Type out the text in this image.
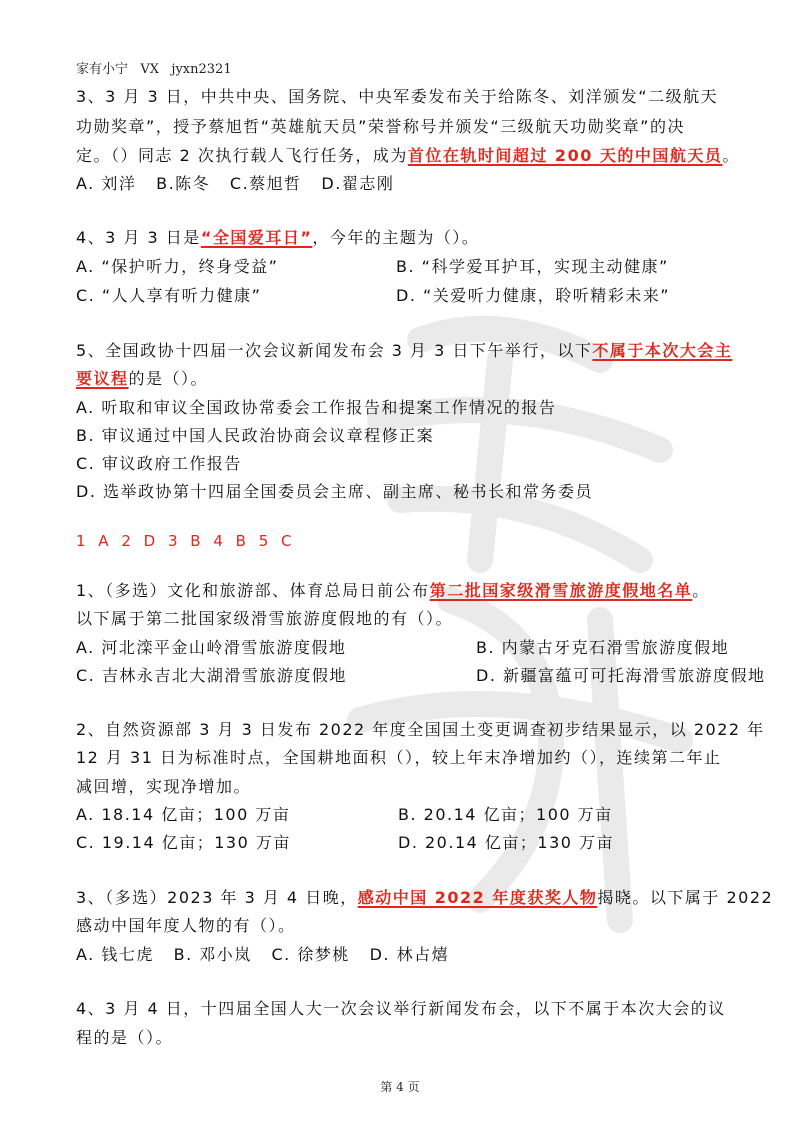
家有小宁   VX   jyxn2321
3、3 月 3 日，中共中央、国务院、中央军委发布关于给陈冬、刘洋颁发“二级航天
功勋奖章”，授予蔡旭哲“英雄航天员”荣誉称号并颁发“三级航天功勋奖章”的决
定。（）同志 2 次执行载人飞行任务，成为首位在轨时间超过 200 天的中国航天员。
A. 刘洋   B.陈冬   C.蔡旭哲   D.翟志刚
4、3 月 3 日是“全国爱耳日”，今年的主题为（）。
A. “保护听力，终身受益”	B. “科学爱耳护耳，实现主动健康”
C. “人人享有听力健康”	D. “关爱听力健康，聆听精彩未来”
5、全国政协十四届一次会议新闻发布会 3 月 3 日下午举行，以下不属于本次大会主
要议程的是（）。
A. 听取和审议全国政协常委会工作报告和提案工作情况的报告
B. 审议通过中国人民政治协商会议章程修正案
C. 审议政府工作报告
D. 选举政协第十四届全国委员会主席、副主席、秘书长和常务委员
1 A 2 D 3 B 4 B 5 C
1、（多选）文化和旅游部、体育总局日前公布第二批国家级滑雪旅游度假地名单。
以下属于第二批国家级滑雪旅游度假地的有（）。
A. 河北滦平金山岭滑雪旅游度假地	B. 内蒙古牙克石滑雪旅游度假地
C. 吉林永吉北大湖滑雪旅游度假地	D. 新疆富蕴可可托海滑雪旅游度假地
2、自然资源部 3 月 3 日发布 2022 年度全国国土变更调查初步结果显示，以 2022 年
12 月 31 日为标准时点，全国耕地面积（），较上年末净增加约（），连续第二年止
减回增，实现净增加。
A. 18.14 亿亩；100 万亩	B. 20.14 亿亩；100 万亩
C. 19.14 亿亩；130 万亩	D. 20.14 亿亩；130 万亩
3、（多选）2023 年 3 月 4 日晚，感动中国 2022 年度获奖人物揭晓。以下属于 2022
感动中国年度人物的有（）。
A. 钱七虎   B. 邓小岚   C. 徐梦桃   D. 林占熺
4、3 月 4 日，十四届全国人大一次会议举行新闻发布会，以下不属于本次大会的议
程的是（）。
第 4 页
